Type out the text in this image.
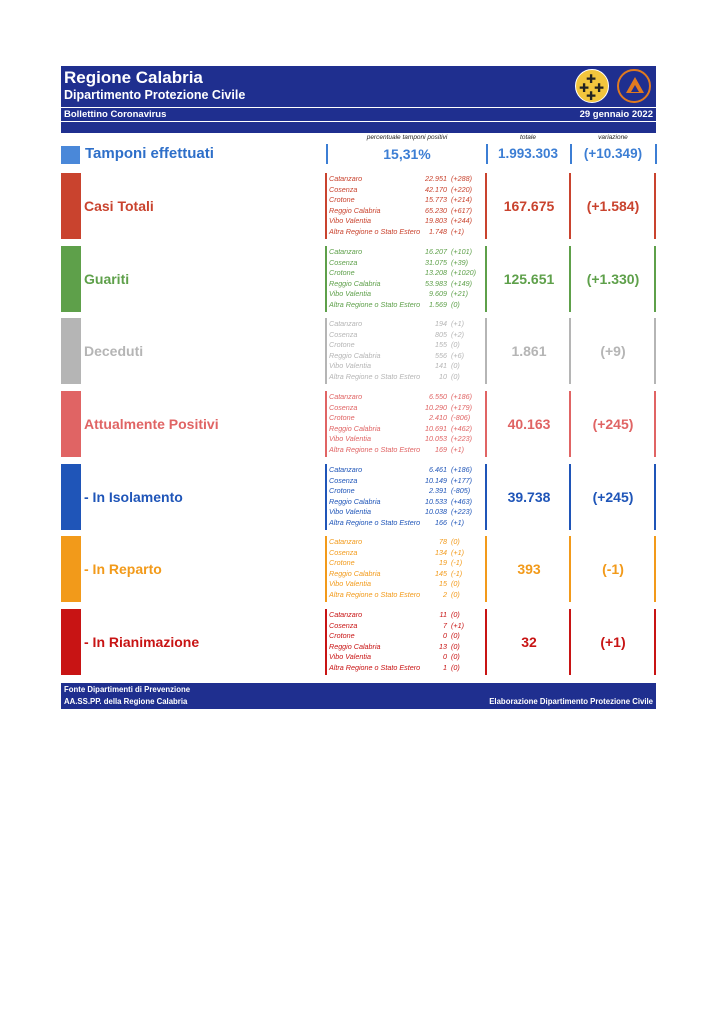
Regione Calabria
Dipartimento Protezione Civile
✚
✚ ✚
✚
Bollettino Coronavirus	29 gennaio 2022
percentuale tamponi positivi	totale	variazione
Tamponi effettuati	15,31%	1.993.303	(+10.349)
Casi Totali
Catanzaro	22.951 (+288)
Cosenza	42.170 (+220)
Crotone	15.773 (+214)
Reggio Calabria	65.230 (+617)
Vibo Valentia	19.803 (+244)
Altra Regione o Stato Estero	1.748 (+1)
167.675	(+1.584)
Guariti
Catanzaro	16.207 (+101)
Cosenza	31.075 (+39)
Crotone	13.208 (+1020)
Reggio Calabria	53.983 (+149)
Vibo Valentia	9.609 (+21)
Altra Regione o Stato Estero	1.569 (0)
125.651	(+1.330)
Deceduti
Catanzaro	194 (+1)
Cosenza	805 (+2)
Crotone	155 (0)
Reggio Calabria	556 (+6)
Vibo Valentia	141 (0)
Altra Regione o Stato Estero	10 (0)
1.861	(+9)
Attualmente Positivi
Catanzaro	6.550 (+186)
Cosenza	10.290 (+179)
Crotone	2.410 (-806)
Reggio Calabria	10.691 (+462)
Vibo Valentia	10.053 (+223)
Altra Regione o Stato Estero	169 (+1)
40.163	(+245)
- In Isolamento
Catanzaro	6.461 (+186)
Cosenza	10.149 (+177)
Crotone	2.391 (-805)
Reggio Calabria	10.533 (+463)
Vibo Valentia	10.038 (+223)
Altra Regione o Stato Estero	166 (+1)
39.738	(+245)
- In Reparto
Catanzaro	78 (0)
Cosenza	134 (+1)
Crotone	19 (-1)
Reggio Calabria	145 (-1)
Vibo Valentia	15 (0)
Altra Regione o Stato Estero	2 (0)
393	(-1)
- In Rianimazione
Catanzaro	11 (0)
Cosenza	7 (+1)
Crotone	0 (0)
Reggio Calabria	13 (0)
Vibo Valentia	0 (0)
Altra Regione o Stato Estero	1 (0)
32	(+1)
Fonte Dipartimenti di Prevenzione
AA.SS.PP. della Regione Calabria	Elaborazione Dipartimento Protezione Civile
